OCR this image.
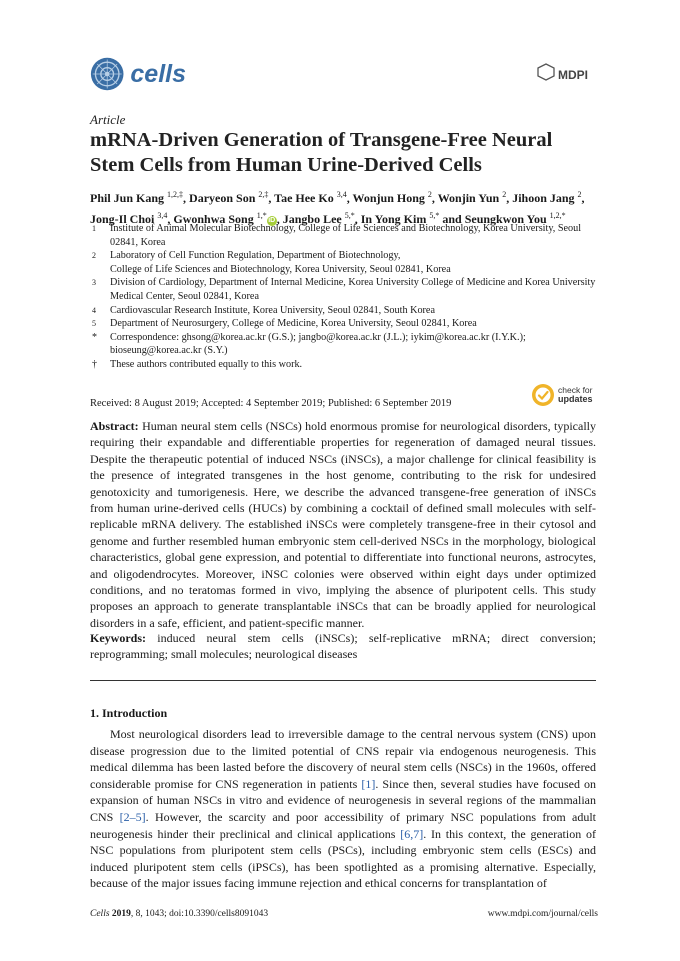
cells	MDPI
Article
mRNA-Driven Generation of Transgene-Free Neural Stem Cells from Human Urine-Derived Cells
Phil Jun Kang $^{1,2,\ddagger}$, Daryeon Son $^{2,\ddagger}$, Tae Hee Ko $^{3,4}$, Wonjun Hong $^2$, Wonjin Yun $^2$, Jihoon Jang $^2$, Jong-Il Choi $^{3,4}$, Gwonhwa Song $^{1,*}$iD , Jangbo Lee $^{5,*}$, In Yong Kim $^{5,*}$ and Seungkwon You $^{1,2,*}$
1	Institute of Animal Molecular Biotechnology, College of Life Sciences and Biotechnology, Korea University, Seoul 02841, Korea
2	Laboratory of Cell Function Regulation, Department of Biotechnology,
College of Life Sciences and Biotechnology, Korea University, Seoul 02841, Korea
3	Division of Cardiology, Department of Internal Medicine, Korea University College of Medicine and Korea University Medical Center, Seoul 02841, Korea
4	Cardiovascular Research Institute, Korea University, Seoul 02841, South Korea
5	Department of Neurosurgery, College of Medicine, Korea University, Seoul 02841, Korea
*	Correspondence: ghsong@korea.ac.kr (G.S.); jangbo@korea.ac.kr (J.L.); iykim@korea.ac.kr (I.Y.K.); bioseung@korea.ac.kr (S.Y.)
†	These authors contributed equally to this work.
Received: 8 August 2019; Accepted: 4 September 2019; Published: 6 September 2019
check for
updates
Abstract: Human neural stem cells (NSCs) hold enormous promise for neurological disorders, typically requiring their expandable and differentiable properties for regeneration of damaged neural tissues. Despite the therapeutic potential of induced NSCs (iNSCs), a major challenge for clinical feasibility is the presence of integrated transgenes in the host genome, contributing to the risk for undesired genotoxicity and tumorigenesis. Here, we describe the advanced transgene-free generation of iNSCs from human urine-derived cells (HUCs) by combining a cocktail of defined small molecules with self-replicable mRNA delivery. The established iNSCs were completely transgene-free in their cytosol and genome and further resembled human embryonic stem cell-derived NSCs in the morphology, biological characteristics, global gene expression, and potential to differentiate into functional neurons, astrocytes, and oligodendrocytes. Moreover, iNSC colonies were observed within eight days under optimized conditions, and no teratomas formed in vivo, implying the absence of pluripotent cells. This study proposes an approach to generate transplantable iNSCs that can be broadly applied for neurological disorders in a safe, efficient, and patient-specific manner.
Keywords: induced neural stem cells (iNSCs); self-replicative mRNA; direct conversion; reprogramming; small molecules; neurological diseases
1. Introduction
Most neurological disorders lead to irreversible damage to the central nervous system (CNS) upon disease progression due to the limited potential of CNS repair via endogenous neurogenesis. This medical dilemma has been lasted before the discovery of neural stem cells (NSCs) in the 1960s, offered considerable promise for CNS regeneration in patients [1]. Since then, several studies have focused on expansion of human NSCs in vitro and evidence of neurogenesis in several regions of the mammalian CNS [2–5]. However, the scarcity and poor accessibility of primary NSC populations from adult neurogenesis hinder their preclinical and clinical applications [6,7]. In this context, the generation of NSC populations from pluripotent stem cells (PSCs), including embryonic stem cells (ESCs) and induced pluripotent stem cells (iPSCs), has been spotlighted as a promising alternative. Especially, because of the major issues facing immune rejection and ethical concerns for transplantation of
Cells 2019, 8, 1043; doi:10.3390/cells8091043	www.mdpi.com/journal/cells
